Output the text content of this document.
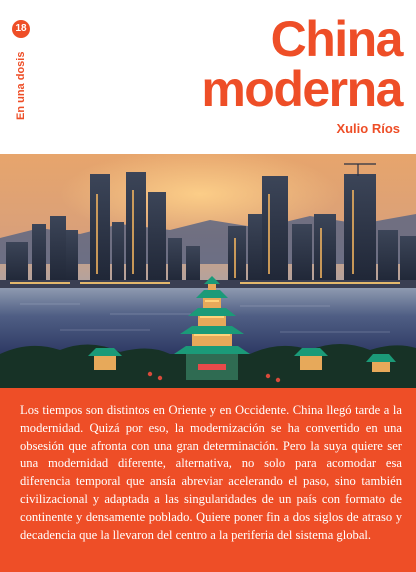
18
En una dosis
China
moderna
Xulio Ríos

Los tiempos son distintos en Oriente y en Occidente. China llegó tarde a la modernidad. Quizá por eso, la modernización se ha convertido en una obsesión que afronta con una gran determinación. Pero la suya quiere ser una modernidad diferente, alternativa, no solo para acomodar esa diferencia temporal que ansía abreviar acelerando el paso, sino también civilizacional y adaptada a las singularidades de un país con formato de continente y densamente poblado. Quiere poner fin a dos siglos de atraso y decadencia que la llevaron del centro a la periferia del sistema global.
